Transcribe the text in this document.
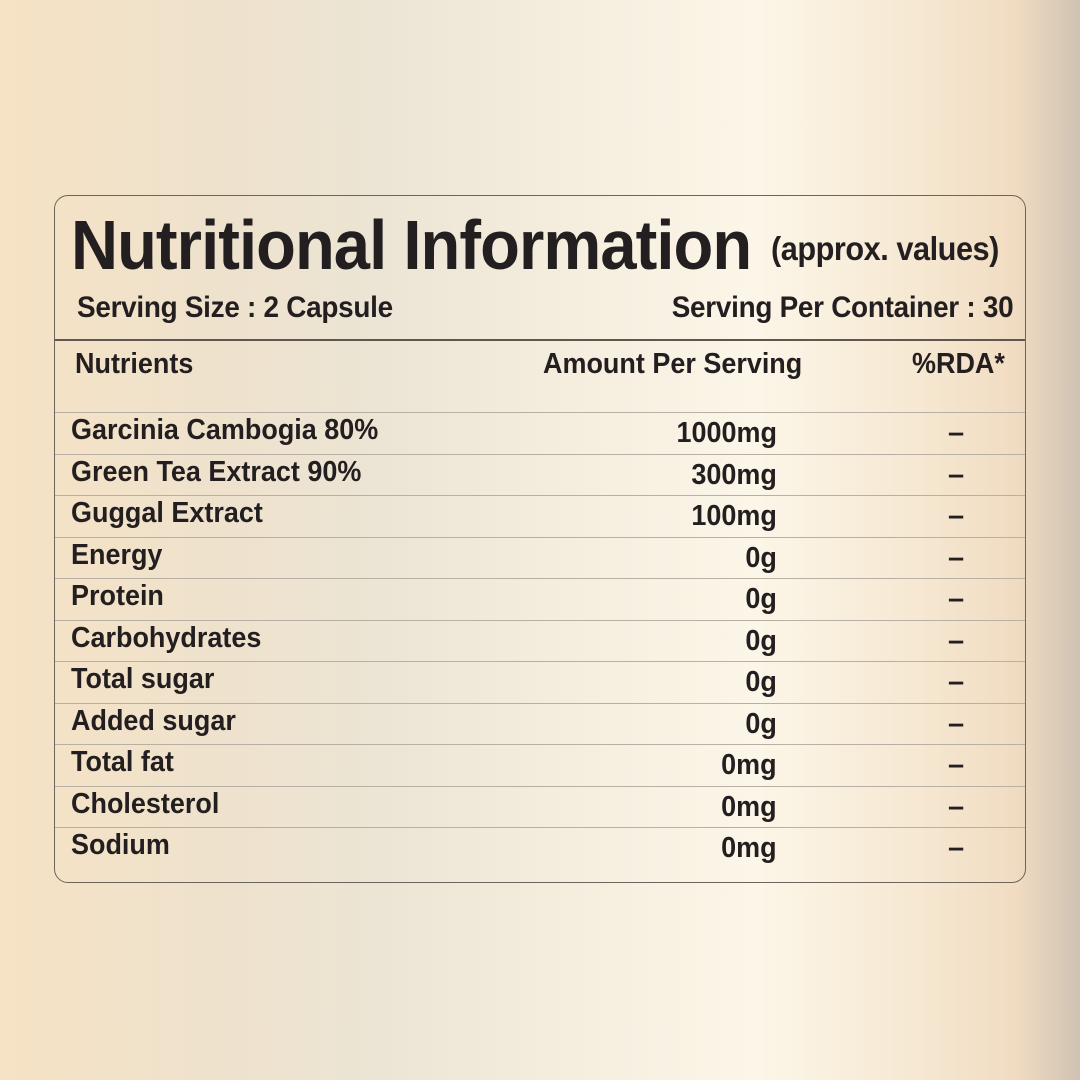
Nutritional Information (approx. values)
Serving Size : 2 Capsule	Serving Per Container : 30
Nutrients	Amount Per Serving	%RDA*
Garcinia Cambogia 80%	1000mg	–
Green Tea Extract 90%	300mg	–
Guggal Extract	100mg	–
Energy	0g	–
Protein	0g	–
Carbohydrates	0g	–
Total sugar	0g	–
Added sugar	0g	–
Total fat	0mg	–
Cholesterol	0mg	–
Sodium	0mg	–
